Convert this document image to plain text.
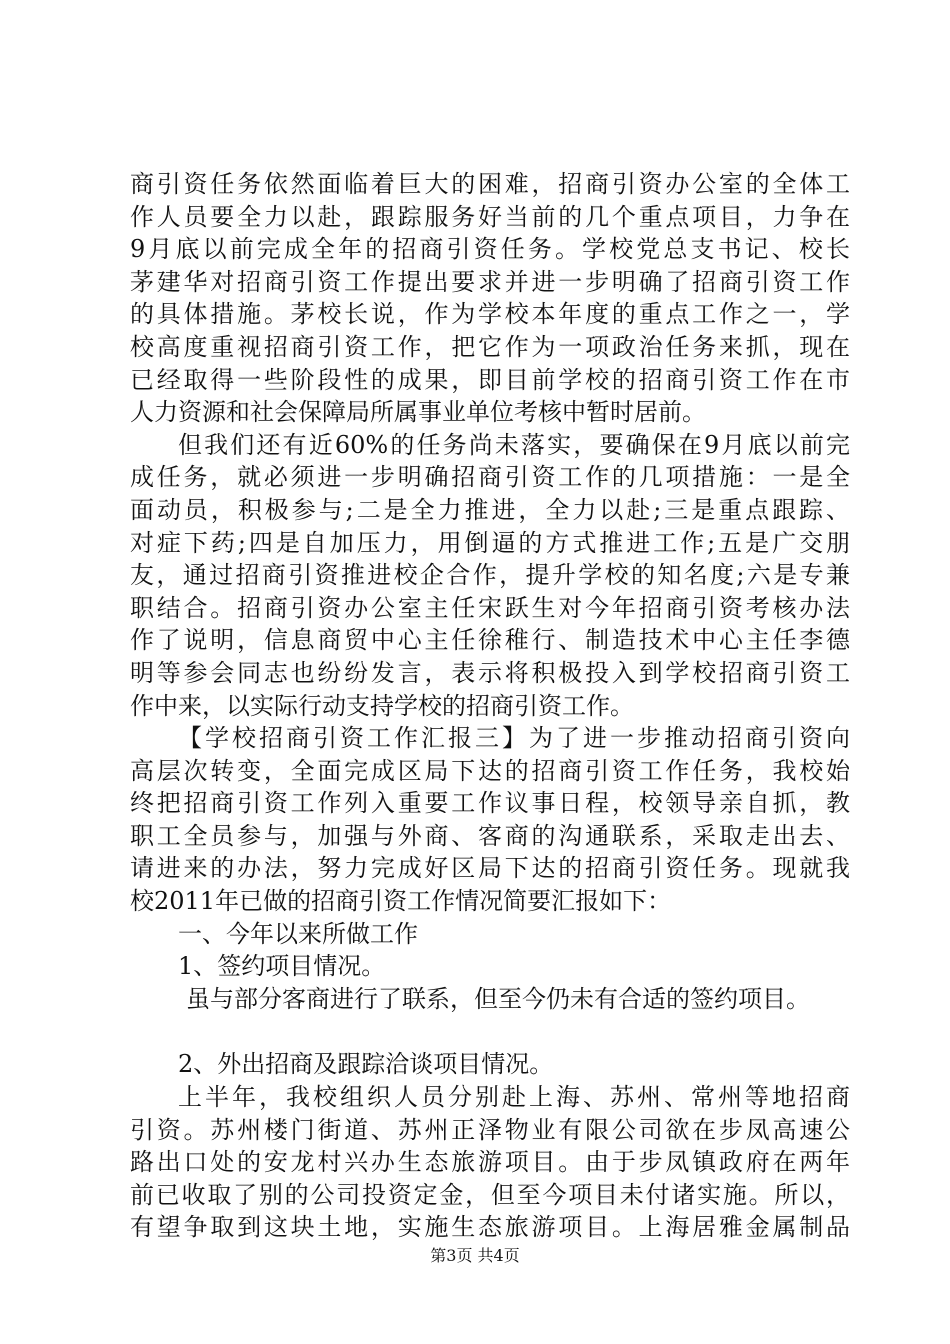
商引资任务依然面临着巨大的困难，招商引资办公室的全体工
作人员要全力以赴，跟踪服务好当前的几个重点项目，力争在
9月底以前完成全年的招商引资任务。学校党总支书记、校长
茅建华对招商引资工作提出要求并进一步明确了招商引资工作
的具体措施。茅校长说，作为学校本年度的重点工作之一，学
校高度重视招商引资工作，把它作为一项政治任务来抓，现在
已经取得一些阶段性的成果，即目前学校的招商引资工作在市
人力资源和社会保障局所属事业单位考核中暂时居前。
但我们还有近60%的任务尚未落实，要确保在9月底以前完
成任务，就必须进一步明确招商引资工作的几项措施：一是全
面动员，积极参与;二是全力推进，全力以赴;三是重点跟踪、
对症下药;四是自加压力，用倒逼的方式推进工作;五是广交朋
友，通过招商引资推进校企合作，提升学校的知名度;六是专兼
职结合。招商引资办公室主任宋跃生对今年招商引资考核办法
作了说明，信息商贸中心主任徐稚行、制造技术中心主任李德
明等参会同志也纷纷发言，表示将积极投入到学校招商引资工
作中来，以实际行动支持学校的招商引资工作。
【学校招商引资工作汇报三】为了进一步推动招商引资向
高层次转变，全面完成区局下达的招商引资工作任务，我校始
终把招商引资工作列入重要工作议事日程，校领导亲自抓，教
职工全员参与，加强与外商、客商的沟通联系，采取走出去、
请进来的办法，努力完成好区局下达的招商引资任务。现就我
校2011年已做的招商引资工作情况简要汇报如下：
一、今年以来所做工作
1、签约项目情况。
虽与部分客商进行了联系，但至今仍未有合适的签约项目。
2、外出招商及跟踪洽谈项目情况。
上半年，我校组织人员分别赴上海、苏州、常州等地招商
引资。苏州楼门街道、苏州正泽物业有限公司欲在步凤高速公
路出口处的安龙村兴办生态旅游项目。由于步凤镇政府在两年
前已收取了别的公司投资定金，但至今项目未付诸实施。所以，
有望争取到这块土地，实施生态旅游项目。上海居雅金属制品
第3页 共4页
